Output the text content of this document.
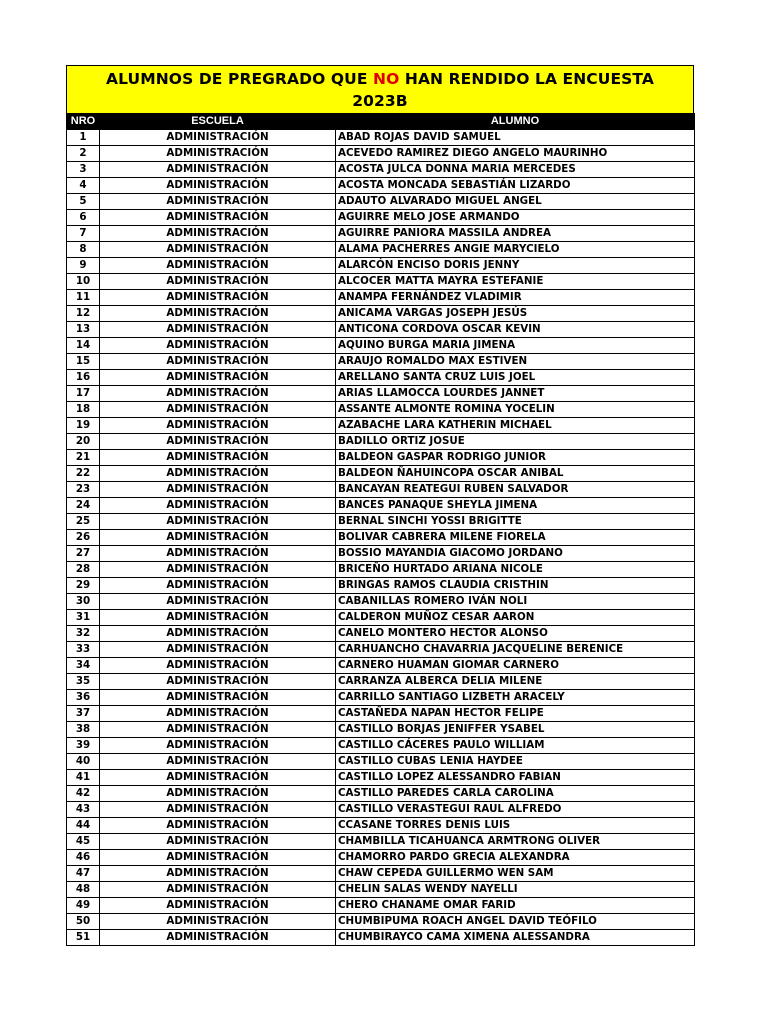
ALUMNOS DE PREGRADO QUE NO HAN RENDIDO LA ENCUESTA
2023B
NRO	ESCUELA	ALUMNO
1	ADMINISTRACIÓN	ABAD ROJAS DAVID SAMUEL
2	ADMINISTRACIÓN	ACEVEDO RAMIREZ DIEGO ANGELO MAURINHO
3	ADMINISTRACIÓN	ACOSTA JULCA DONNA MARIA MERCEDES
4	ADMINISTRACIÓN	ACOSTA MONCADA SEBASTIÁN LIZARDO
5	ADMINISTRACIÓN	ADAUTO ALVARADO MIGUEL ANGEL
6	ADMINISTRACIÓN	AGUIRRE MELO JOSE ARMANDO
7	ADMINISTRACIÓN	AGUIRRE PANIORA MASSILA ANDREA
8	ADMINISTRACIÓN	ALAMA PACHERRES ANGIE MARYCIELO
9	ADMINISTRACIÓN	ALARCÓN ENCISO DORIS JENNY
10	ADMINISTRACIÓN	ALCOCER MATTA MAYRA ESTEFANIE
11	ADMINISTRACIÓN	ANAMPA FERNÁNDEZ VLADIMIR
12	ADMINISTRACIÓN	ANICAMA VARGAS JOSEPH JESÚS
13	ADMINISTRACIÓN	ANTICONA CORDOVA OSCAR KEVIN
14	ADMINISTRACIÓN	AQUINO BURGA MARIA JIMENA
15	ADMINISTRACIÓN	ARAUJO ROMALDO MAX ESTIVEN
16	ADMINISTRACIÓN	ARELLANO SANTA CRUZ LUIS JOEL
17	ADMINISTRACIÓN	ARIAS LLAMOCCA LOURDES JANNET
18	ADMINISTRACIÓN	ASSANTE ALMONTE ROMINA YOCELIN
19	ADMINISTRACIÓN	AZABACHE LARA KATHERIN MICHAEL
20	ADMINISTRACIÓN	BADILLO ORTIZ JOSUE
21	ADMINISTRACIÓN	BALDEON GASPAR RODRIGO JUNIOR
22	ADMINISTRACIÓN	BALDEON ÑAHUINCOPA OSCAR ANIBAL
23	ADMINISTRACIÓN	BANCAYAN REATEGUI RUBEN SALVADOR
24	ADMINISTRACIÓN	BANCES PANAQUE SHEYLA JIMENA
25	ADMINISTRACIÓN	BERNAL SINCHI YOSSI BRIGITTE
26	ADMINISTRACIÓN	BOLIVAR CABRERA MILENE FIORELA
27	ADMINISTRACIÓN	BOSSIO MAYANDIA GIACOMO JORDANO
28	ADMINISTRACIÓN	BRICEÑO HURTADO ARIANA NICOLE
29	ADMINISTRACIÓN	BRINGAS RAMOS CLAUDIA CRISTHIN
30	ADMINISTRACIÓN	CABANILLAS ROMERO IVÁN NOLI
31	ADMINISTRACIÓN	CALDERON MUÑOZ CESAR AARON
32	ADMINISTRACIÓN	CANELO MONTERO HECTOR ALONSO
33	ADMINISTRACIÓN	CARHUANCHO CHAVARRIA JACQUELINE BERENICE
34	ADMINISTRACIÓN	CARNERO HUAMAN GIOMAR CARNERO
35	ADMINISTRACIÓN	CARRANZA ALBERCA DELIA MILENE
36	ADMINISTRACIÓN	CARRILLO SANTIAGO LIZBETH ARACELY
37	ADMINISTRACIÓN	CASTAÑEDA NAPAN HECTOR FELIPE
38	ADMINISTRACIÓN	CASTILLO BORJAS JENIFFER YSABEL
39	ADMINISTRACIÓN	CASTILLO CÁCERES PAULO WILLIAM
40	ADMINISTRACIÓN	CASTILLO CUBAS LENIA HAYDEE
41	ADMINISTRACIÓN	CASTILLO LOPEZ ALESSANDRO FABIAN
42	ADMINISTRACIÓN	CASTILLO PAREDES CARLA CAROLINA
43	ADMINISTRACIÓN	CASTILLO VERASTEGUI RAUL ALFREDO
44	ADMINISTRACIÓN	CCASANE TORRES DENIS LUIS
45	ADMINISTRACIÓN	CHAMBILLA TICAHUANCA ARMTRONG OLIVER
46	ADMINISTRACIÓN	CHAMORRO PARDO GRECIA ALEXANDRA
47	ADMINISTRACIÓN	CHAW CEPEDA GUILLERMO WEN SAM
48	ADMINISTRACIÓN	CHELIN SALAS WENDY NAYELLI
49	ADMINISTRACIÓN	CHERO CHANAME OMAR FARID
50	ADMINISTRACIÓN	CHUMBIPUMA ROACH ANGEL DAVID TEÓFILO
51	ADMINISTRACIÓN	CHUMBIRAYCO CAMA XIMENA ALESSANDRA
